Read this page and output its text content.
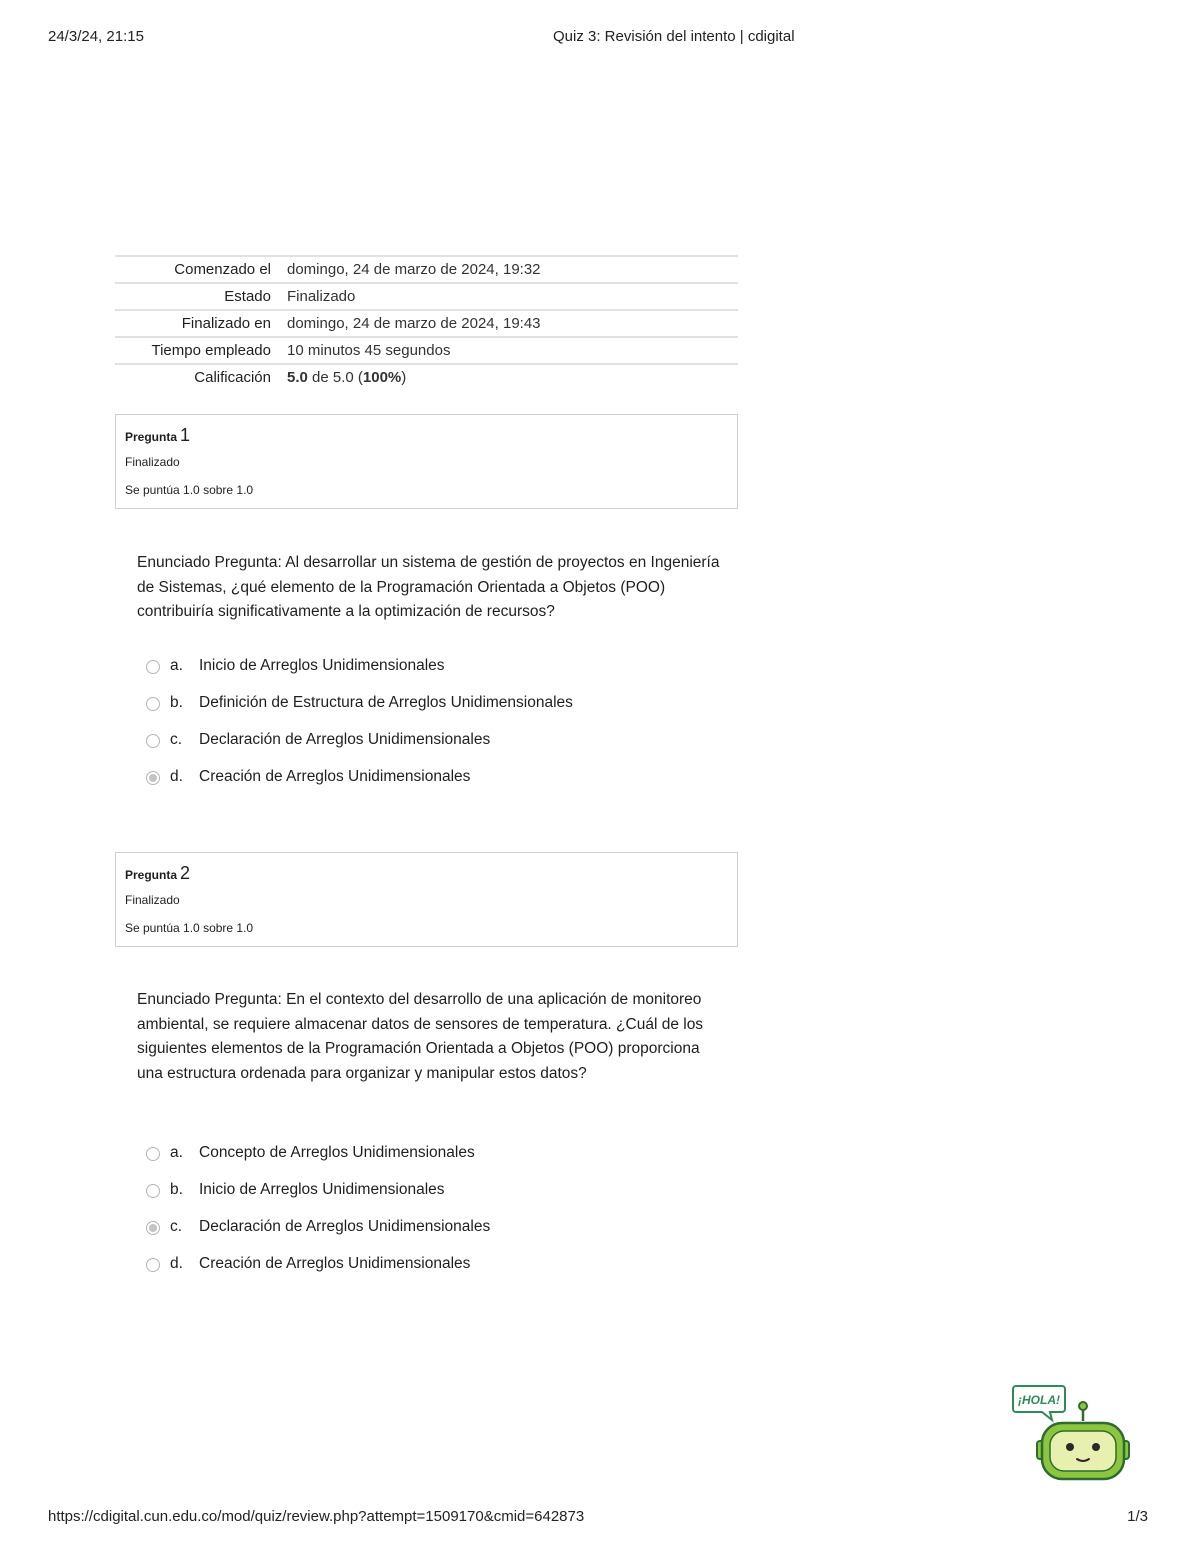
24/3/24, 21:15	Quiz 3: Revisión del intento | cdigital
Comenzado el	domingo, 24 de marzo de 2024, 19:32
Estado	Finalizado
Finalizado en	domingo, 24 de marzo de 2024, 19:43
Tiempo empleado	10 minutos 45 segundos
Calificación	5.0 de 5.0 (100%)
Pregunta 1
Finalizado
Se puntúa 1.0 sobre 1.0
Enunciado Pregunta: Al desarrollar un sistema de gestión de proyectos en Ingeniería de Sistemas, ¿qué elemento de la Programación Orientada a Objetos (POO) contribuiría significativamente a la optimización de recursos?
a. Inicio de Arreglos Unidimensionales
b. Definición de Estructura de Arreglos Unidimensionales
c. Declaración de Arreglos Unidimensionales
d. Creación de Arreglos Unidimensionales
Pregunta 2
Finalizado
Se puntúa 1.0 sobre 1.0
Enunciado Pregunta: En el contexto del desarrollo de una aplicación de monitoreo ambiental, se requiere almacenar datos de sensores de temperatura. ¿Cuál de los siguientes elementos de la Programación Orientada a Objetos (POO) proporciona una estructura ordenada para organizar y manipular estos datos?
a. Concepto de Arreglos Unidimensionales
b. Inicio de Arreglos Unidimensionales
c. Declaración de Arreglos Unidimensionales
d. Creación de Arreglos Unidimensionales
¡HOLA!
https://cdigital.cun.edu.co/mod/quiz/review.php?attempt=1509170&cmid=642873	1/3
